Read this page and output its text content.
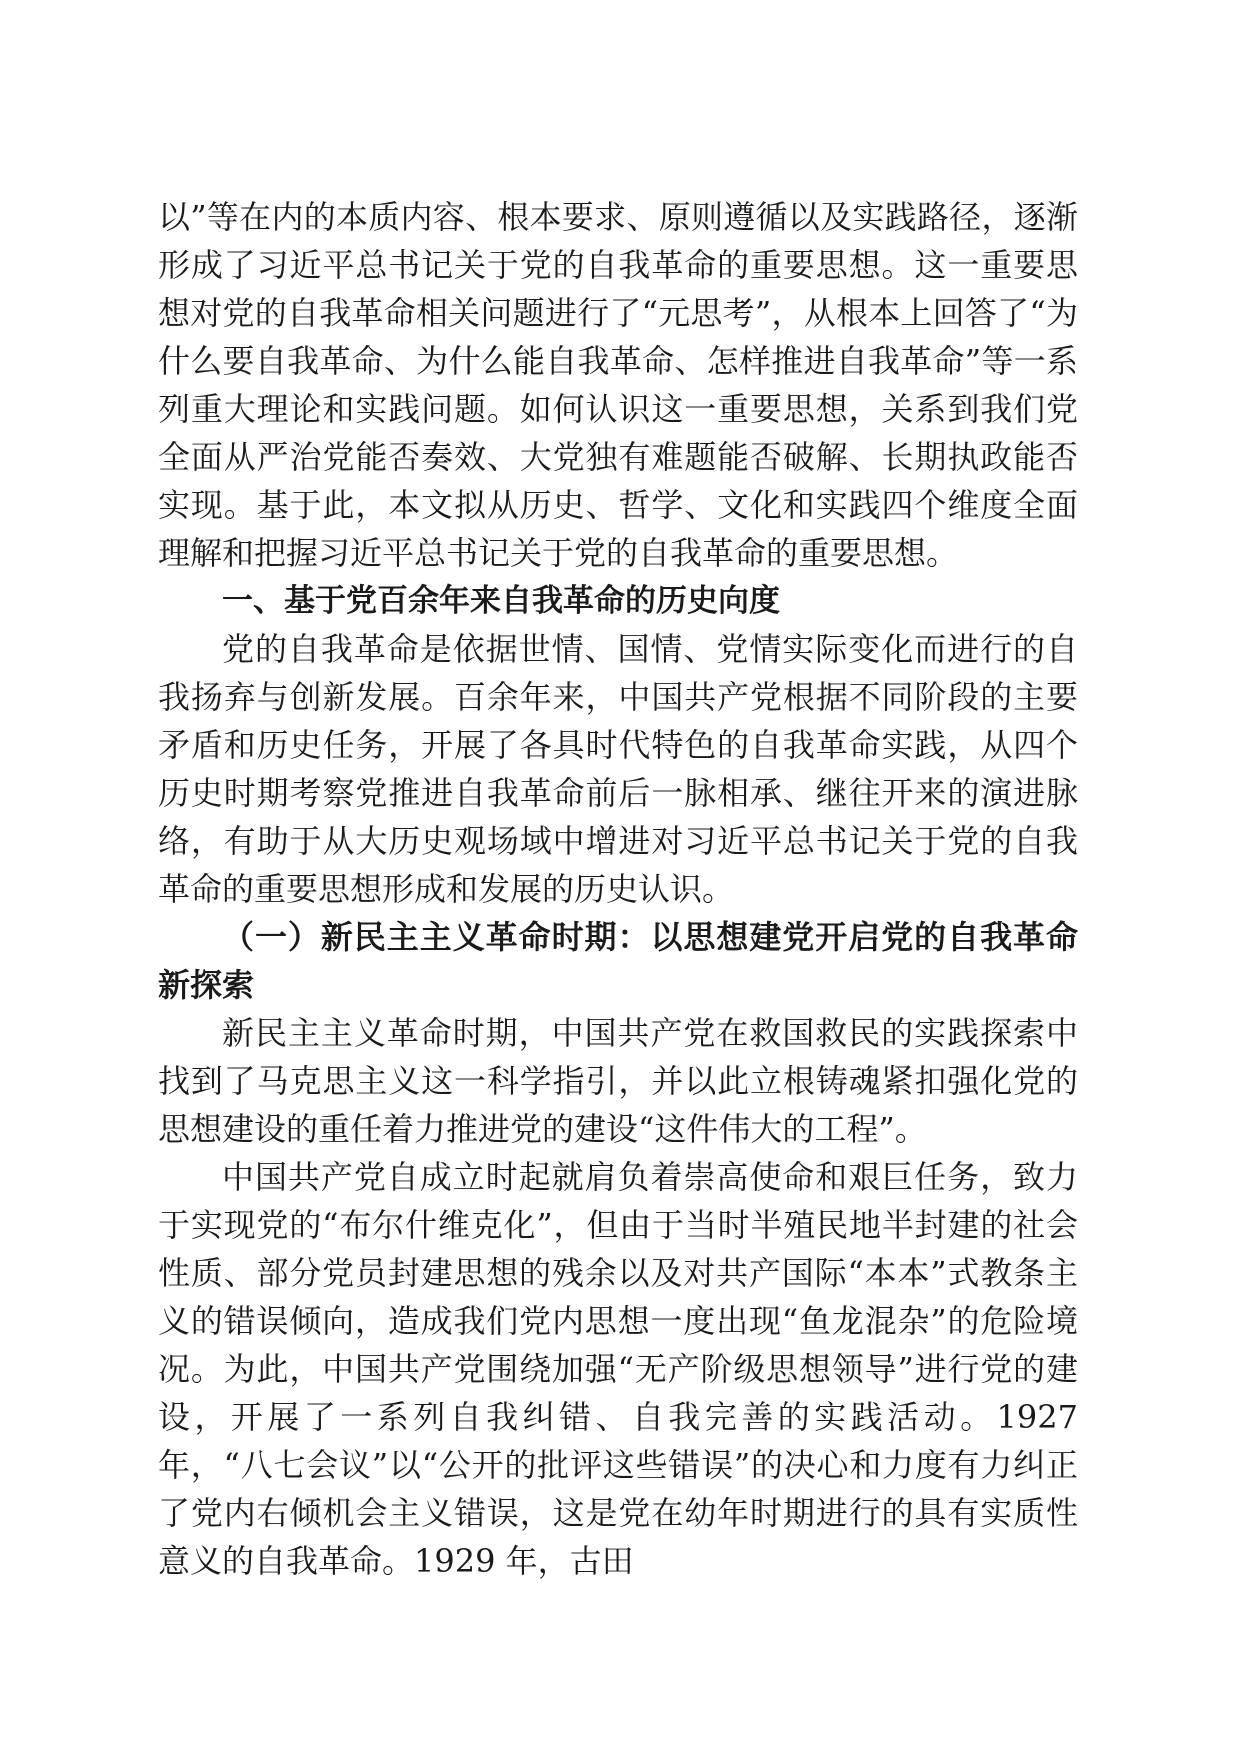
以”等在内的本质内容、根本要求、原则遵循以及实践路径，逐渐形成了习近平总书记关于党的自我革命的重要思想。这一重要思想对党的自我革命相关问题进行了“元思考”，从根本上回答了“为什么要自我革命、为什么能自我革命、怎样推进自我革命”等一系列重大理论和实践问题。如何认识这一重要思想，关系到我们党全面从严治党能否奏效、大党独有难题能否破解、长期执政能否实现。基于此，本文拟从历史、哲学、文化和实践四个维度全面理解和把握习近平总书记关于党的自我革命的重要思想。

一、基于党百余年来自我革命的历史向度

党的自我革命是依据世情、国情、党情实际变化而进行的自我扬弃与创新发展。百余年来，中国共产党根据不同阶段的主要矛盾和历史任务，开展了各具时代特色的自我革命实践，从四个历史时期考察党推进自我革命前后一脉相承、继往开来的演进脉络，有助于从大历史观场域中增进对习近平总书记关于党的自我革命的重要思想形成和发展的历史认识。

（一）新民主主义革命时期：以思想建党开启党的自我革命新探索

新民主主义革命时期，中国共产党在救国救民的实践探索中找到了马克思主义这一科学指引，并以此立根铸魂紧扣强化党的思想建设的重任着力推进党的建设“这件伟大的工程”。

中国共产党自成立时起就肩负着崇高使命和艰巨任务，致力于实现党的“布尔什维克化”，但由于当时半殖民地半封建的社会性质、部分党员封建思想的残余以及对共产国际“本本”式教条主义的错误倾向，造成我们党内思想一度出现“鱼龙混杂”的危险境况。为此，中国共产党围绕加强“无产阶级思想领导”进行党的建设，开展了一系列自我纠错、自我完善的实践活动。1927 年，“八七会议”以“公开的批评这些错误”的决心和力度有力纠正了党内右倾机会主义错误，这是党在幼年时期进行的具有实质性意义的自我革命。1929 年，古田
